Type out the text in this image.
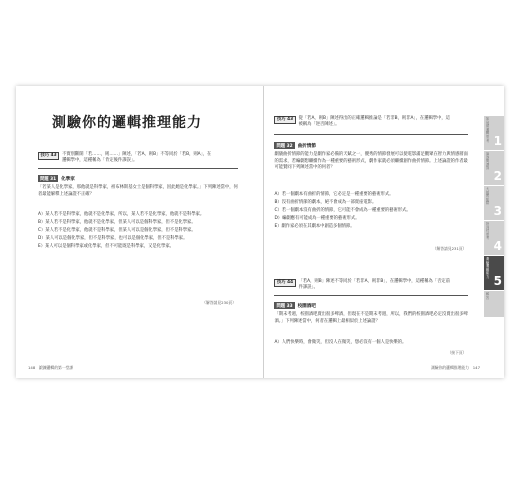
測驗你的邏輯推理能力
技巧 43	不實別斷開「若……，則……」陳述，「若A，則B」不等同於「若B，則A」，在邏輯學中，這種稱為「肯定後件謬誤」。
問題 31	化學家
「若某人是化學家，那他就是科學家，祖布林斯基女士是個科學家，因此她是化學家。」下列陳述當中，何者最能解釋上述論證不正確？
A）某人若不是科學家，他就不是化學家，所以，某人若不是化學家，他就不是科學家。
B）某人若不是科學家，他就不是化學家，但某人可以是個科學家，但不是化學家。
C）某人若不是化學家，他就不是科學家，但某人可以是個化學家，但不是科學家。
D）某人可以是個化學家，但不是科學家，也可以是個化學家，但不是科學家。
E）某人可以是個科學家或化學家，但不可能既是科學家，又是化學家。
（解答請見230頁）
148　鍛鍊邏輯的第一堂課
技巧 43	從「若A，則B」陳述得出的正確邏輯推論是「若非B，則非A」，在邏輯學中，這被稱為「逆否陳述」。
問題 32	曲折情節
劇儀曲折情節的能力是劇作家必備的天賦之一，優秀的情節發展可以使電影滿足觀眾在智力與情感層面的需求，若編劇想繼續作為一種重要的藝術形式，劇作家就必須繼續創作曲折情節。上述論證的作者最可能贊同下列陳述當中的何者？
A）若一個劇本有曲折的情節，它必定是一種重要的藝術形式。
B）沒有曲折情節的劇本，絕不會成為一部賣座電影。
C）若一個劇本沒有曲折的情節，它可能不會成為一種重要的藝術形式。
D）編劇應有可能成為一種重要的藝術形式。
E）劇作家必須在其劇本中創造多個情節。
（解答請見231頁）
技巧 44	「若A，則B」陳述不等同於「若非A，則非B」，在邏輯學中，這種稱為「否定前件謬誤」。
問題 33	校園酒吧
「期末考週，校園酒吧賣出很多啤酒，但現在不是期末考週，所以，我們的校園酒吧必定沒賣出很多啤酒。」下列陳述當中，何者在邏輯上最相似於上述論證？
A）人們快樂時，會微笑，但沒人在微笑，想必沒有一個人是快樂的。
（接下頁）
測驗你的邏輯推理能力　147
如何做邏輯思考 1
論證與謬誤
2
大腦的陷阱
3
批判性思考
4
測驗邏輯能力 5
解答
